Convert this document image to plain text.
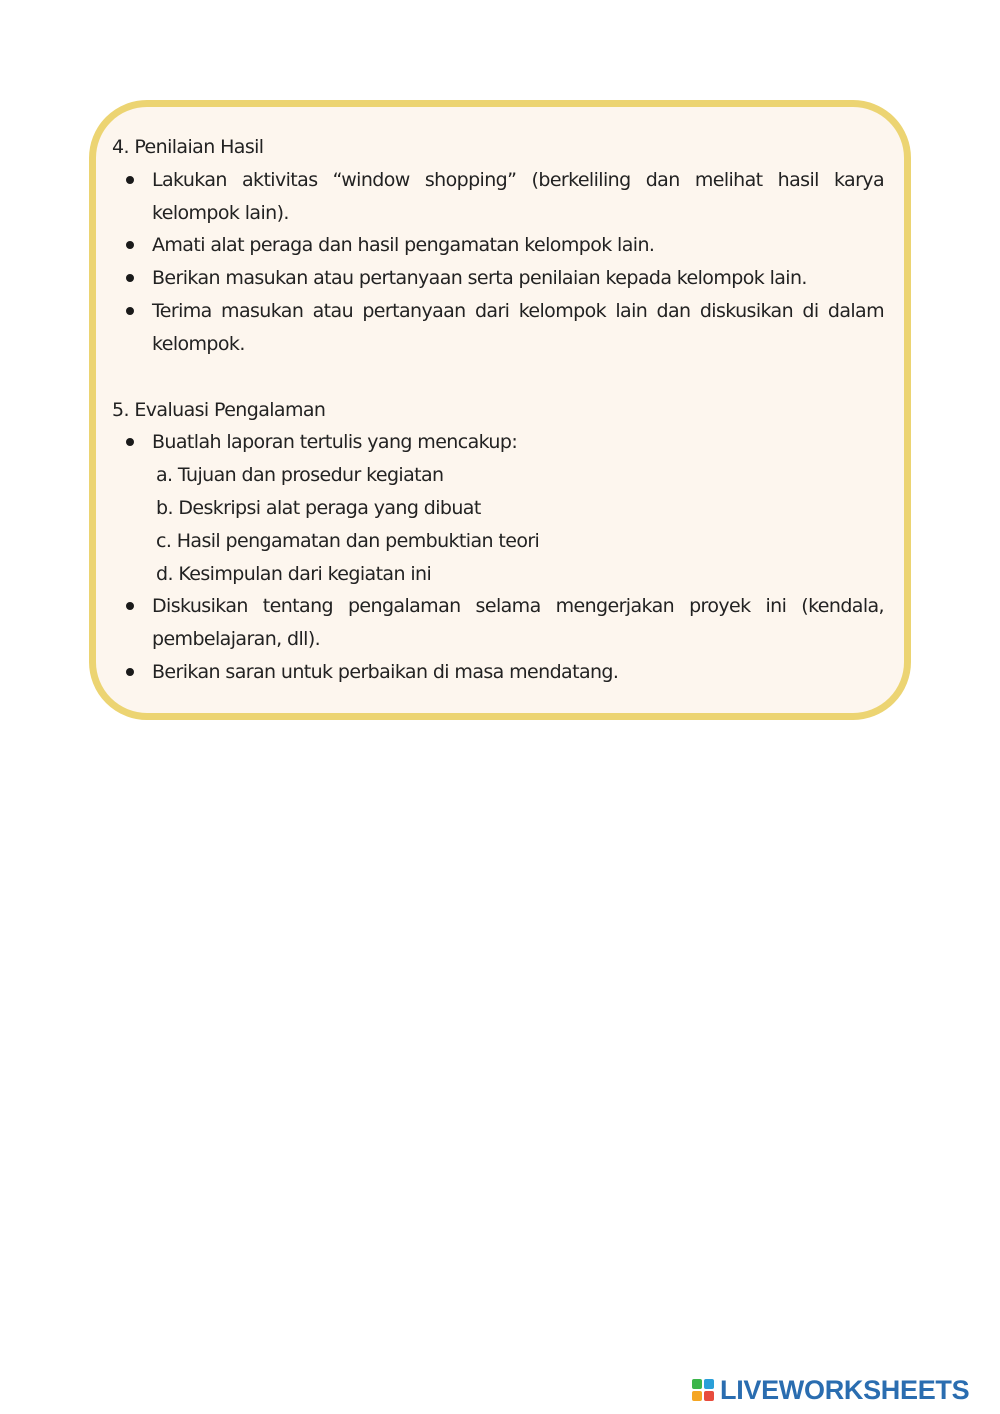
4. Penilaian Hasil

Lakukan aktivitas “window shopping” (berkeliling dan melihat hasil karya kelompok lain).
Amati alat peraga dan hasil pengamatan kelompok lain.
Berikan masukan atau pertanyaan serta penilaian kepada kelompok lain.
Terima masukan atau pertanyaan dari kelompok lain dan diskusikan di dalam kelompok.

5. Evaluasi Pengalaman

Buatlah laporan tertulis yang mencakup:
a. Tujuan dan prosedur kegiatan
b. Deskripsi alat peraga yang dibuat
c. Hasil pengamatan dan pembuktian teori
d. Kesimpulan dari kegiatan ini
Diskusikan tentang pengalaman selama mengerjakan proyek ini (kendala, pembelajaran, dll).
Berikan saran untuk perbaikan di masa mendatang.
LIVEWORKSHEETS
